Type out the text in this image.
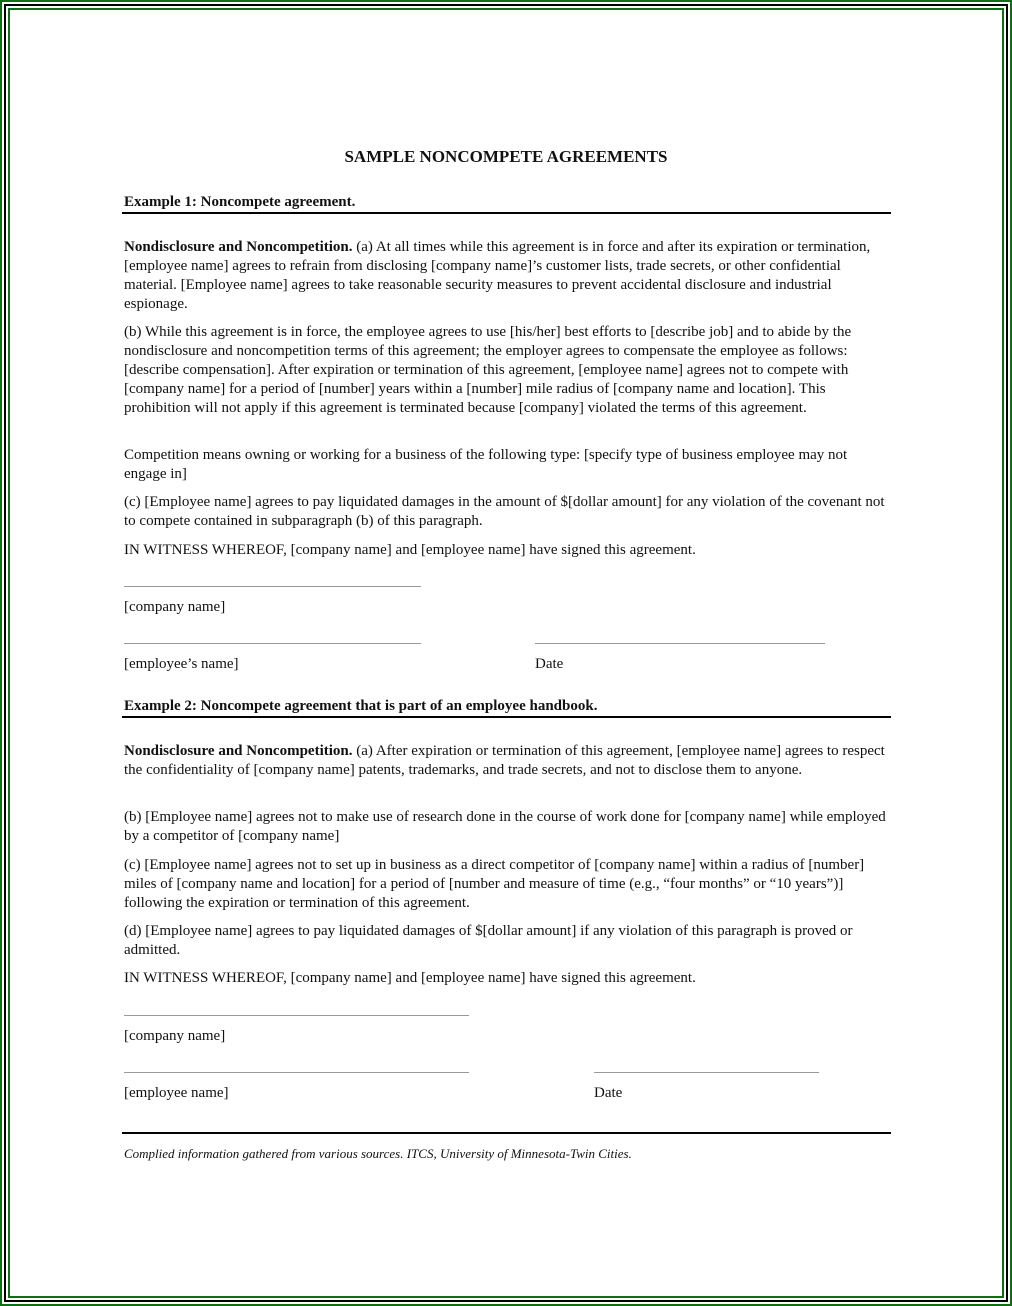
SAMPLE NONCOMPETE AGREEMENTS
Example 1: Noncompete agreement.
Nondisclosure and Noncompetition. (a) At all times while this agreement is in force and after its expiration or termination, [employee name] agrees to refrain from disclosing [company name]’s customer lists, trade secrets, or other confidential material. [Employee name] agrees to take reasonable security measures to prevent accidental disclosure and industrial espionage.
(b) While this agreement is in force, the employee agrees to use [his/her] best efforts to [describe job] and to abide by the nondisclosure and noncompetition terms of this agreement; the employer agrees to compensate the employee as follows: [describe compensation]. After expiration or termination of this agreement, [employee name] agrees not to compete with [company name] for a period of [number] years within a [number] mile radius of [company name and location]. This prohibition will not apply if this agreement is terminated because [company] violated the terms of this agreement.
Competition means owning or working for a business of the following type: [specify type of business employee may not engage in]
(c) [Employee name] agrees to pay liquidated damages in the amount of $[dollar amount] for any violation of the covenant not to compete contained in subparagraph (b) of this paragraph.
IN WITNESS WHEREOF, [company name] and [employee name] have signed this agreement.
[company name]
[employee’s name]	Date
Example 2: Noncompete agreement that is part of an employee handbook.
Nondisclosure and Noncompetition. (a) After expiration or termination of this agreement, [employee name] agrees to respect the confidentiality of [company name] patents, trademarks, and trade secrets, and not to disclose them to anyone.
(b) [Employee name] agrees not to make use of research done in the course of work done for [company name] while employed by a competitor of [company name]
(c) [Employee name] agrees not to set up in business as a direct competitor of [company name] within a radius of [number] miles of [company name and location] for a period of [number and measure of time (e.g., “four months” or “10 years”)] following the expiration or termination of this agreement.
(d) [Employee name] agrees to pay liquidated damages of $[dollar amount] if any violation of this paragraph is proved or admitted.
IN WITNESS WHEREOF, [company name] and [employee name] have signed this agreement.
[company name]
[employee name]	Date
Complied information gathered from various sources. ITCS, University of Minnesota-Twin Cities.
